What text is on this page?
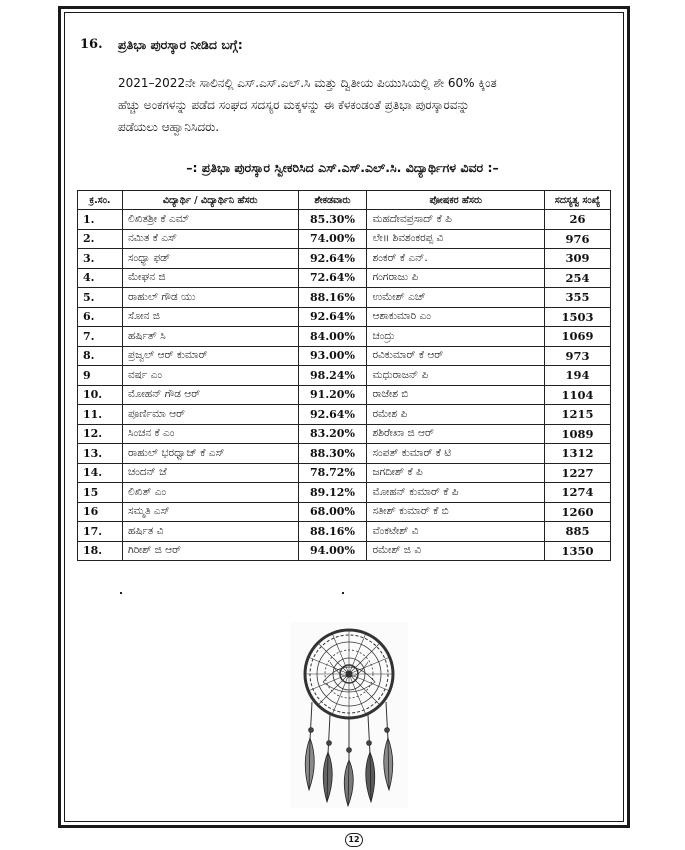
16. ಪ್ರತಿಭಾ ಪುರಸ್ಕಾರ ನೀಡಿದ ಬಗ್ಗೆ:
2021–2022ನೇ ಸಾಲಿನಲ್ಲಿ ಎಸ್.ಎಸ್.ಎಲ್.ಸಿ ಮತ್ತು ದ್ವಿತೀಯ ಪಿಯುಸಿಯಲ್ಲಿ ಶೇ 60% ಕ್ಕಿಂತ
ಹೆಚ್ಚು ಅಂಕಗಳನ್ನು ಪಡೆದ ಸಂಘದ ಸದಸ್ಯರ ಮಕ್ಕಳನ್ನು ಈ ಕೆಳಕಂಡಂತೆ ಪ್ರತಿಭಾ ಪುರಸ್ಕಾರವನ್ನು
ಪಡೆಯಲು ಆಹ್ವಾನಿಸಿದರು.
–: ಪ್ರತಿಭಾ ಪುರಸ್ಕಾರ ಸ್ವೀಕರಿಸಿದ ಎಸ್.ಎಸ್.ಎಲ್.ಸಿ. ವಿದ್ಯಾರ್ಥಿಗಳ ವಿವರ :–
ಕ್ರ.ಸಂ.	ವಿದ್ಯಾರ್ಥಿ / ವಿದ್ಯಾರ್ಥಿನಿ ಹೆಸರು	ಶೇಕಡವಾರು	ಪೋಷಕರ ಹೆಸರು	ಸದಸ್ಯತ್ವ ಸಂಖ್ಯೆ
1.	ಲಿಖಿತಶ್ರೀ ಕೆ ಎಮ್	85.30%	ಮಹದೇವಪ್ರಸಾದ್ ಕೆ ಪಿ	26
2.	ನಮಿತ ಕೆ ಎಸ್	74.00%	ಲೇ॥ ಶಿವಶಂಕರಪ್ಪ ವಿ	976
3.	ಸಂಧ್ಯಾ ಫಡ್	92.64%	ಶಂಕರ್ ಕೆ ಎನ್.	309
4.	ಮೇಘನ ಜಿ	72.64%	ಗಂಗರಾಜು ಪಿ	254
5.	ರಾಹುಲ್ ಗೌಡ ಯು	88.16%	ಉಮೇಶ್ ಎಚ್	355
6.	ಸೋನ ಜಿ	92.64%	ಆಶಾಕುಮಾರಿ ಎಂ	1503
7.	ಹರ್ಷಿತ್ ಸಿ	84.00%	ಚಂದ್ರು	1069
8.	ಪ್ರಜ್ವಲ್ ಆರ್ ಕುಮಾರ್	93.00%	ರವಿಕುಮಾರ್ ಕೆ ಆರ್	973
9	ವರ್ಷ ಎಂ	98.24%	ಮಧುರಾಜನ್ ಪಿ	194
10.	ಮೋಹನ್ ಗೌಡ ಆರ್	91.20%	ರಾಜೇಶ ಬಿ	1104
11.	ಪೂರ್ಣಿಮಾ ಆರ್	92.64%	ರಮೇಶ ಪಿ	1215
12.	ಸಿಂಚನ ಕೆ ಎಂ	83.20%	ಶಶಿರೇಖಾ ಜಿ ಆರ್	1089
13.	ರಾಹುಲ್ ಭರಧ್ವಾಜ್ ಕೆ ಎಸ್	88.30%	ಸಂಪತ್ ಕುಮಾರ್ ಕೆ ಟಿ	1312
14.	ಚಂದನ್ ಜೆ	78.72%	ಜಗದೀಶ್ ಕೆ ಪಿ	1227
15	ಲಿಖಿತ್ ಎಂ	89.12%	ಮೋಹನ್ ಕುಮಾರ್ ಕೆ ಪಿ	1274
16	ಸಮ್ಮತಿ ಎಸ್	68.00%	ಸತೀಶ್ ಕುಮಾರ್ ಕೆ ಬಿ	1260
17.	ಹರ್ಷಿತ ವಿ	88.16%	ವೆಂಕಟೇಶ್ ವಿ	885
18.	ಗಿರೀಶ್ ಜಿ ಆರ್	94.00%	ರಮೇಶ್ ಜಿ ವಿ	1350
12
